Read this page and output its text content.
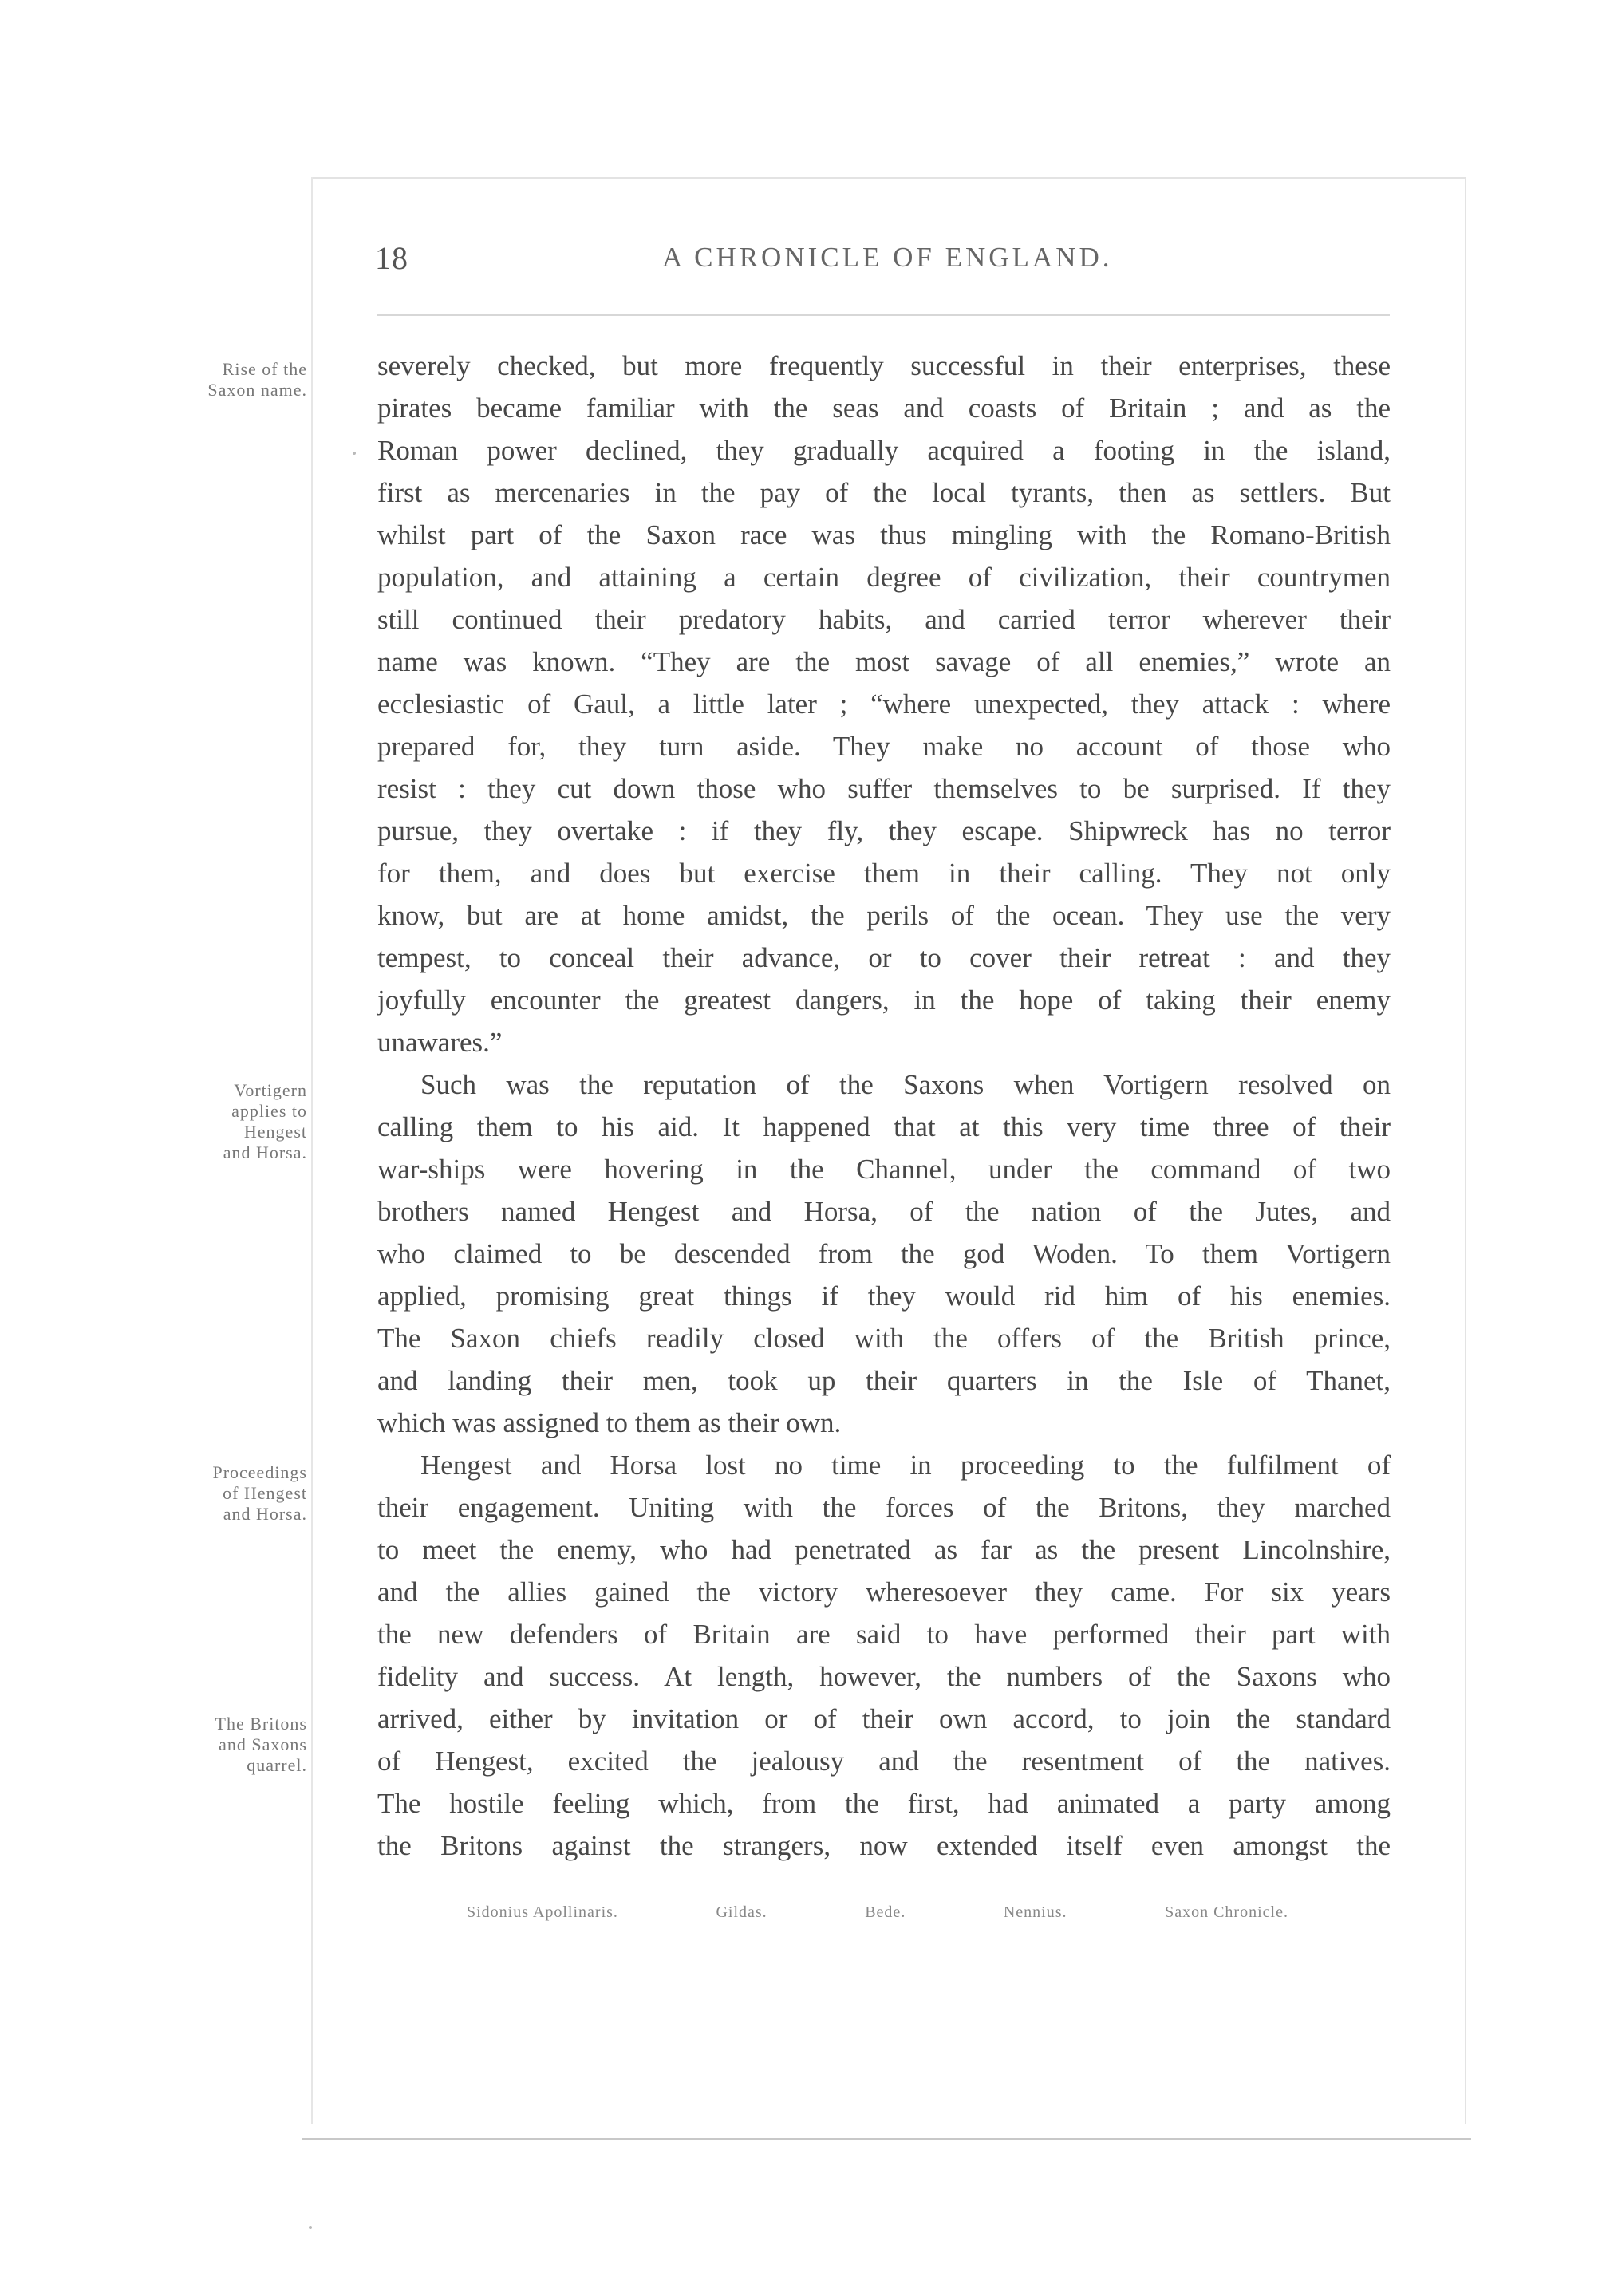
18	A CHRONICLE OF ENGLAND.
Rise of the
Saxon name.
Vortigern
applies to
Hengest
and Horsa.
Proceedings
of Hengest
and Horsa.
The Britons
and Saxons
quarrel.
severely checked, but more frequently successful in their enterprises, these
pirates became familiar with the seas and coasts of Britain ; and as the
Roman power declined, they gradually acquired a footing in the island,
first as mercenaries in the pay of the local tyrants, then as settlers. But
whilst part of the Saxon race was thus mingling with the Romano-British
population, and attaining a certain degree of civilization, their countrymen
still continued their predatory habits, and carried terror wherever their
name was known. “They are the most savage of all enemies,” wrote an
ecclesiastic of Gaul, a little later ; “where unexpected, they attack : where
prepared for, they turn aside. They make no account of those who
resist : they cut down those who suffer themselves to be surprised. If they
pursue, they overtake : if they fly, they escape. Shipwreck has no terror
for them, and does but exercise them in their calling. They not only
know, but are at home amidst, the perils of the ocean. They use the very
tempest, to conceal their advance, or to cover their retreat : and they
joyfully encounter the greatest dangers, in the hope of taking their enemy
unawares.”
Such was the reputation of the Saxons when Vortigern resolved on
calling them to his aid. It happened that at this very time three of their
war-ships were hovering in the Channel, under the command of two
brothers named Hengest and Horsa, of the nation of the Jutes, and
who claimed to be descended from the god Woden. To them Vortigern
applied, promising great things if they would rid him of his enemies.
The Saxon chiefs readily closed with the offers of the British prince,
and landing their men, took up their quarters in the Isle of Thanet,
which was assigned to them as their own.
Hengest and Horsa lost no time in proceeding to the fulfilment of
their engagement. Uniting with the forces of the Britons, they marched
to meet the enemy, who had penetrated as far as the present Lincolnshire,
and the allies gained the victory wheresoever they came. For six years
the new defenders of Britain are said to have performed their part with
fidelity and success. At length, however, the numbers of the Saxons who
arrived, either by invitation or of their own accord, to join the standard
of Hengest, excited the jealousy and the resentment of the natives.
The hostile feeling which, from the first, had animated a party among
the Britons against the strangers, now extended itself even amongst the
Sidonius Apollinaris.	Gildas.	Bede.	Nennius.	Saxon Chronicle.
